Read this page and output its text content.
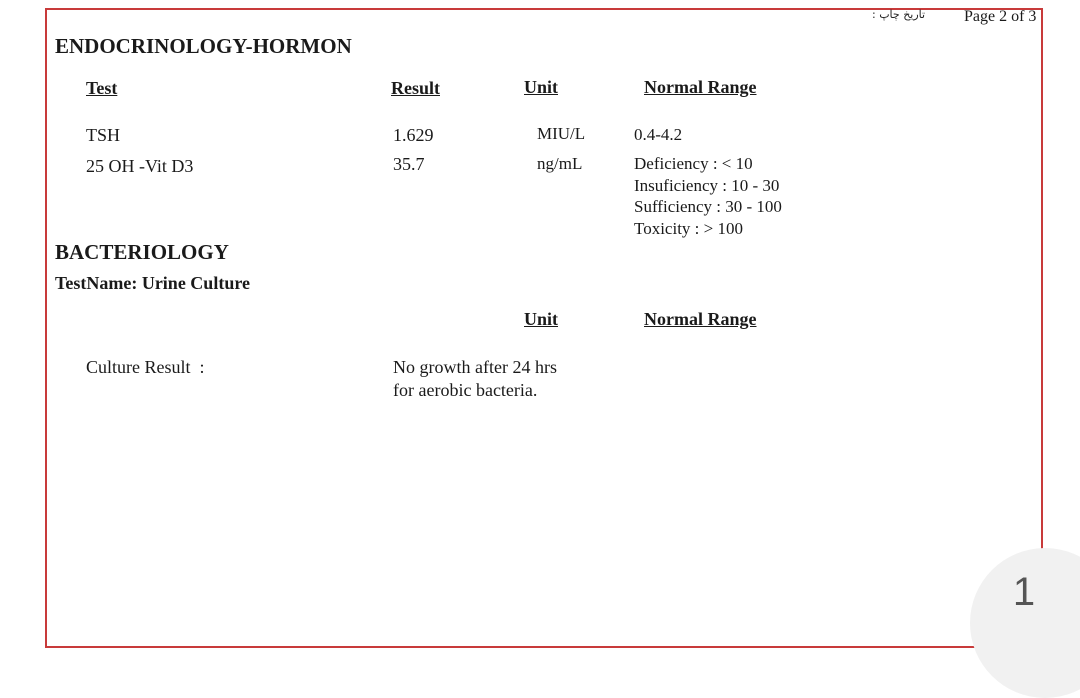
تاریخ چاپ : Page 2 of 3
ENDOCRINOLOGY-HORMON
Test	Result	Unit	Normal Range
TSH	1.629	MIU/L	0.4-4.2
25 OH -Vit D3	35.7	ng/mL	Deficiency : < 10
Insuficiency : 10 - 30
Sufficiency : 30 - 100
Toxicity : > 100
BACTERIOLOGY
TestName: Urine Culture
Unit	Normal Range
Culture Result  :	No growth after 24 hrs for aerobic bacteria.
1
